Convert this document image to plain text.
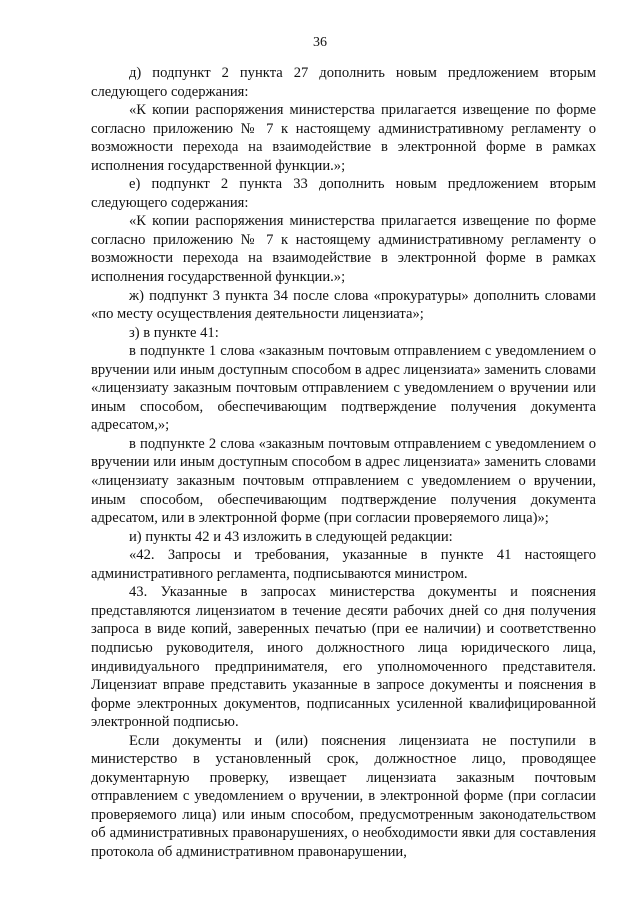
36

д) подпункт 2 пункта 27 дополнить новым предложением вторым следующего содержания:

«К копии распоряжения министерства прилагается извещение по форме согласно приложению № 7 к настоящему административному регламенту о возможности перехода на взаимодействие в электронной форме в рамках исполнения государственной функции.»;

е) подпункт 2 пункта 33 дополнить новым предложением вторым следующего содержания:

«К копии распоряжения министерства прилагается извещение по форме согласно приложению № 7 к настоящему административному регламенту о возможности перехода на взаимодействие в электронной форме в рамках исполнения государственной функции.»;

ж) подпункт 3 пункта 34 после слова «прокуратуры» дополнить словами «по месту осуществления деятельности лицензиата»;

з) в пункте 41:

в подпункте 1 слова «заказным почтовым отправлением с уведомлением о вручении или иным доступным способом в адрес лицензиата» заменить словами «лицензиату заказным почтовым отправлением с уведомлением о вручении или иным способом, обеспечивающим подтверждение получения документа адресатом,»;

в подпункте 2 слова «заказным почтовым отправлением с уведомлением о вручении или иным доступным способом в адрес лицензиата» заменить словами «лицензиату заказным почтовым отправлением с уведомлением о вручении, иным способом, обеспечивающим подтверждение получения документа адресатом, или в электронной форме (при согласии проверяемого лица)»;

и) пункты 42 и 43 изложить в следующей редакции:

«42. Запросы и требования, указанные в пункте 41 настоящего административного регламента, подписываются министром.

43. Указанные в запросах министерства документы и пояснения представляются лицензиатом в течение десяти рабочих дней со дня получения запроса в виде копий, заверенных печатью (при ее наличии) и соответственно подписью руководителя, иного должностного лица юридического лица, индивидуального предпринимателя, его уполномоченного представителя. Лицензиат вправе представить указанные в запросе документы и пояснения в форме электронных документов, подписанных усиленной квалифицированной электронной подписью.

Если документы и (или) пояснения лицензиата не поступили в министерство в установленный срок, должностное лицо, проводящее документарную проверку, извещает лицензиата заказным почтовым отправлением с уведомлением о вручении, в электронной форме (при согласии проверяемого лица) или иным способом, предусмотренным законодательством об административных правонарушениях, о необходимости явки для составления протокола об административном правонарушении,
